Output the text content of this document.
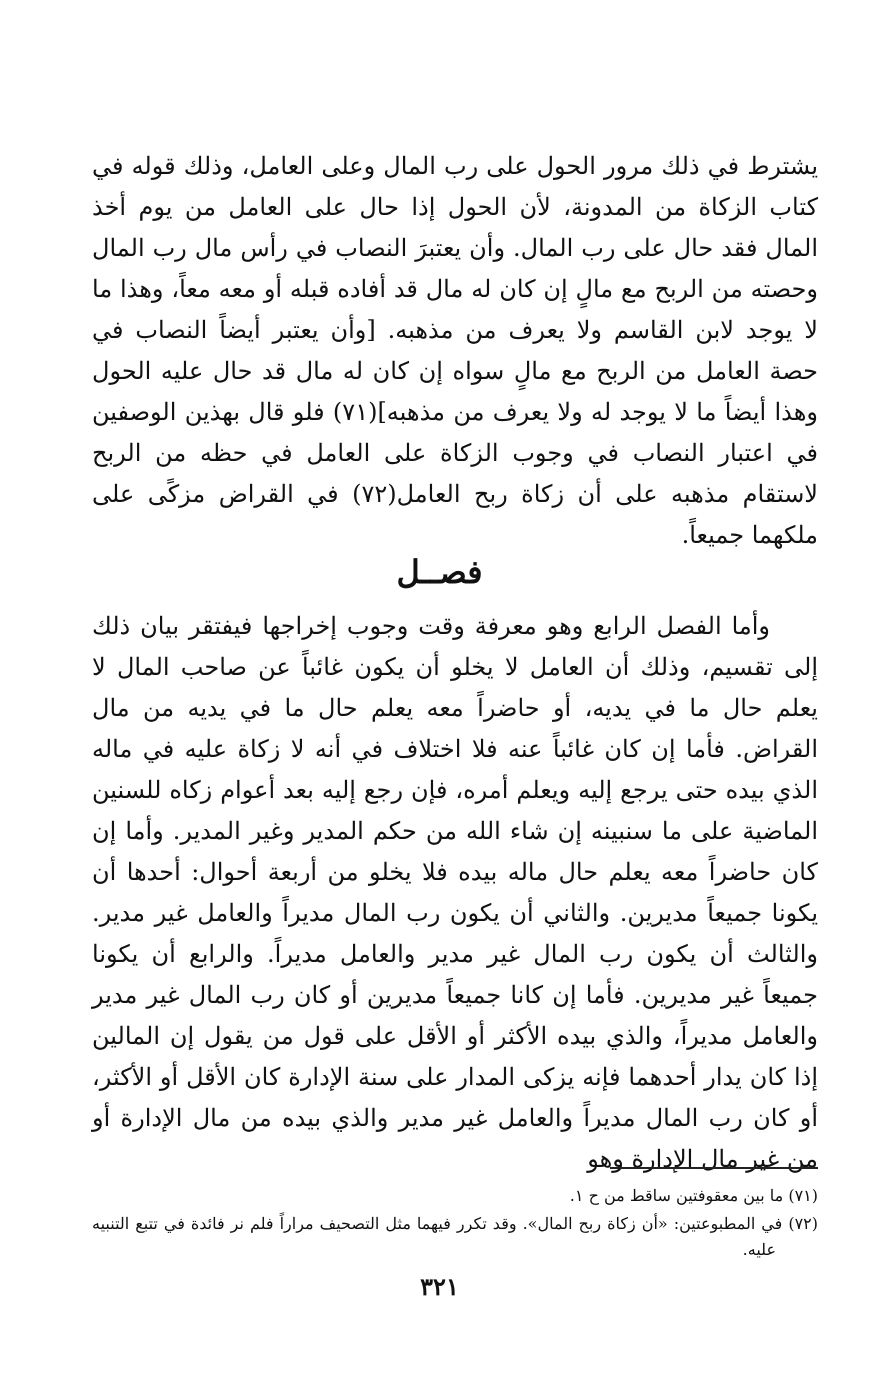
يشترط في ذلك مرور الحول على رب المال وعلى العامل، وذلك قوله في كتاب الزكاة من المدونة، لأن الحول إذا حال على العامل من يوم أخذ المال فقد حال على رب المال. وأن يعتبرَ النصاب في رأس مال رب المال وحصته من الربح مع مالٍ إن كان له مال قد أفاده قبله أو معه معاً، وهذا ما لا يوجد لابن القاسم ولا يعرف من مذهبه. [وأن يعتبر أيضاً النصاب في حصة العامل من الربح مع مالٍ سواه إن كان له مال قد حال عليه الحول وهذا أيضاً ما لا يوجد له ولا يعرف من مذهبه](٧١) فلو قال بهذين الوصفين في اعتبار النصاب في وجوب الزكاة على العامل في حظه من الربح لاستقام مذهبه على أن زكاة ربح العامل(٧٢) في القراض مزكًى على ملكهما جميعاً.

فصــل

وأما الفصل الرابع وهو معرفة وقت وجوب إخراجها فيفتقر بيان ذلك إلى تقسيم، وذلك أن العامل لا يخلو أن يكون غائباً عن صاحب المال لا يعلم حال ما في يديه، أو حاضراً معه يعلم حال ما في يديه من مال القراض. فأما إن كان غائباً عنه فلا اختلاف في أنه لا زكاة عليه في ماله الذي بيده حتى يرجع إليه ويعلم أمره، فإن رجع إليه بعد أعوام زكاه للسنين الماضية على ما سنبينه إن شاء الله من حكم المدير وغير المدير. وأما إن كان حاضراً معه يعلم حال ماله بيده فلا يخلو من أربعة أحوال: أحدها أن يكونا جميعاً مديرين. والثاني أن يكون رب المال مديراً والعامل غير مدير. والثالث أن يكون رب المال غير مدير والعامل مديراً. والرابع أن يكونا جميعاً غير مديرين. فأما إن كانا جميعاً مديرين أو كان رب المال غير مدير والعامل مديراً، والذي بيده الأكثر أو الأقل على قول من يقول إن المالين إذا كان يدار أحدهما فإنه يزكى المدار على سنة الإدارة كان الأقل أو الأكثر، أو كان رب المال مديراً والعامل غير مدير والذي بيده من مال الإدارة أو من غير مال الإدارة وهو

(٧١) ما بين معقوفتين ساقط من ح ١.

(٧٢) في المطبوعتين: «أن زكاة ربح المال». وقد تكرر فيهما مثل التصحيف مراراً فلم نر فائدة في تتبع التنبيه عليه.

٣٢١
